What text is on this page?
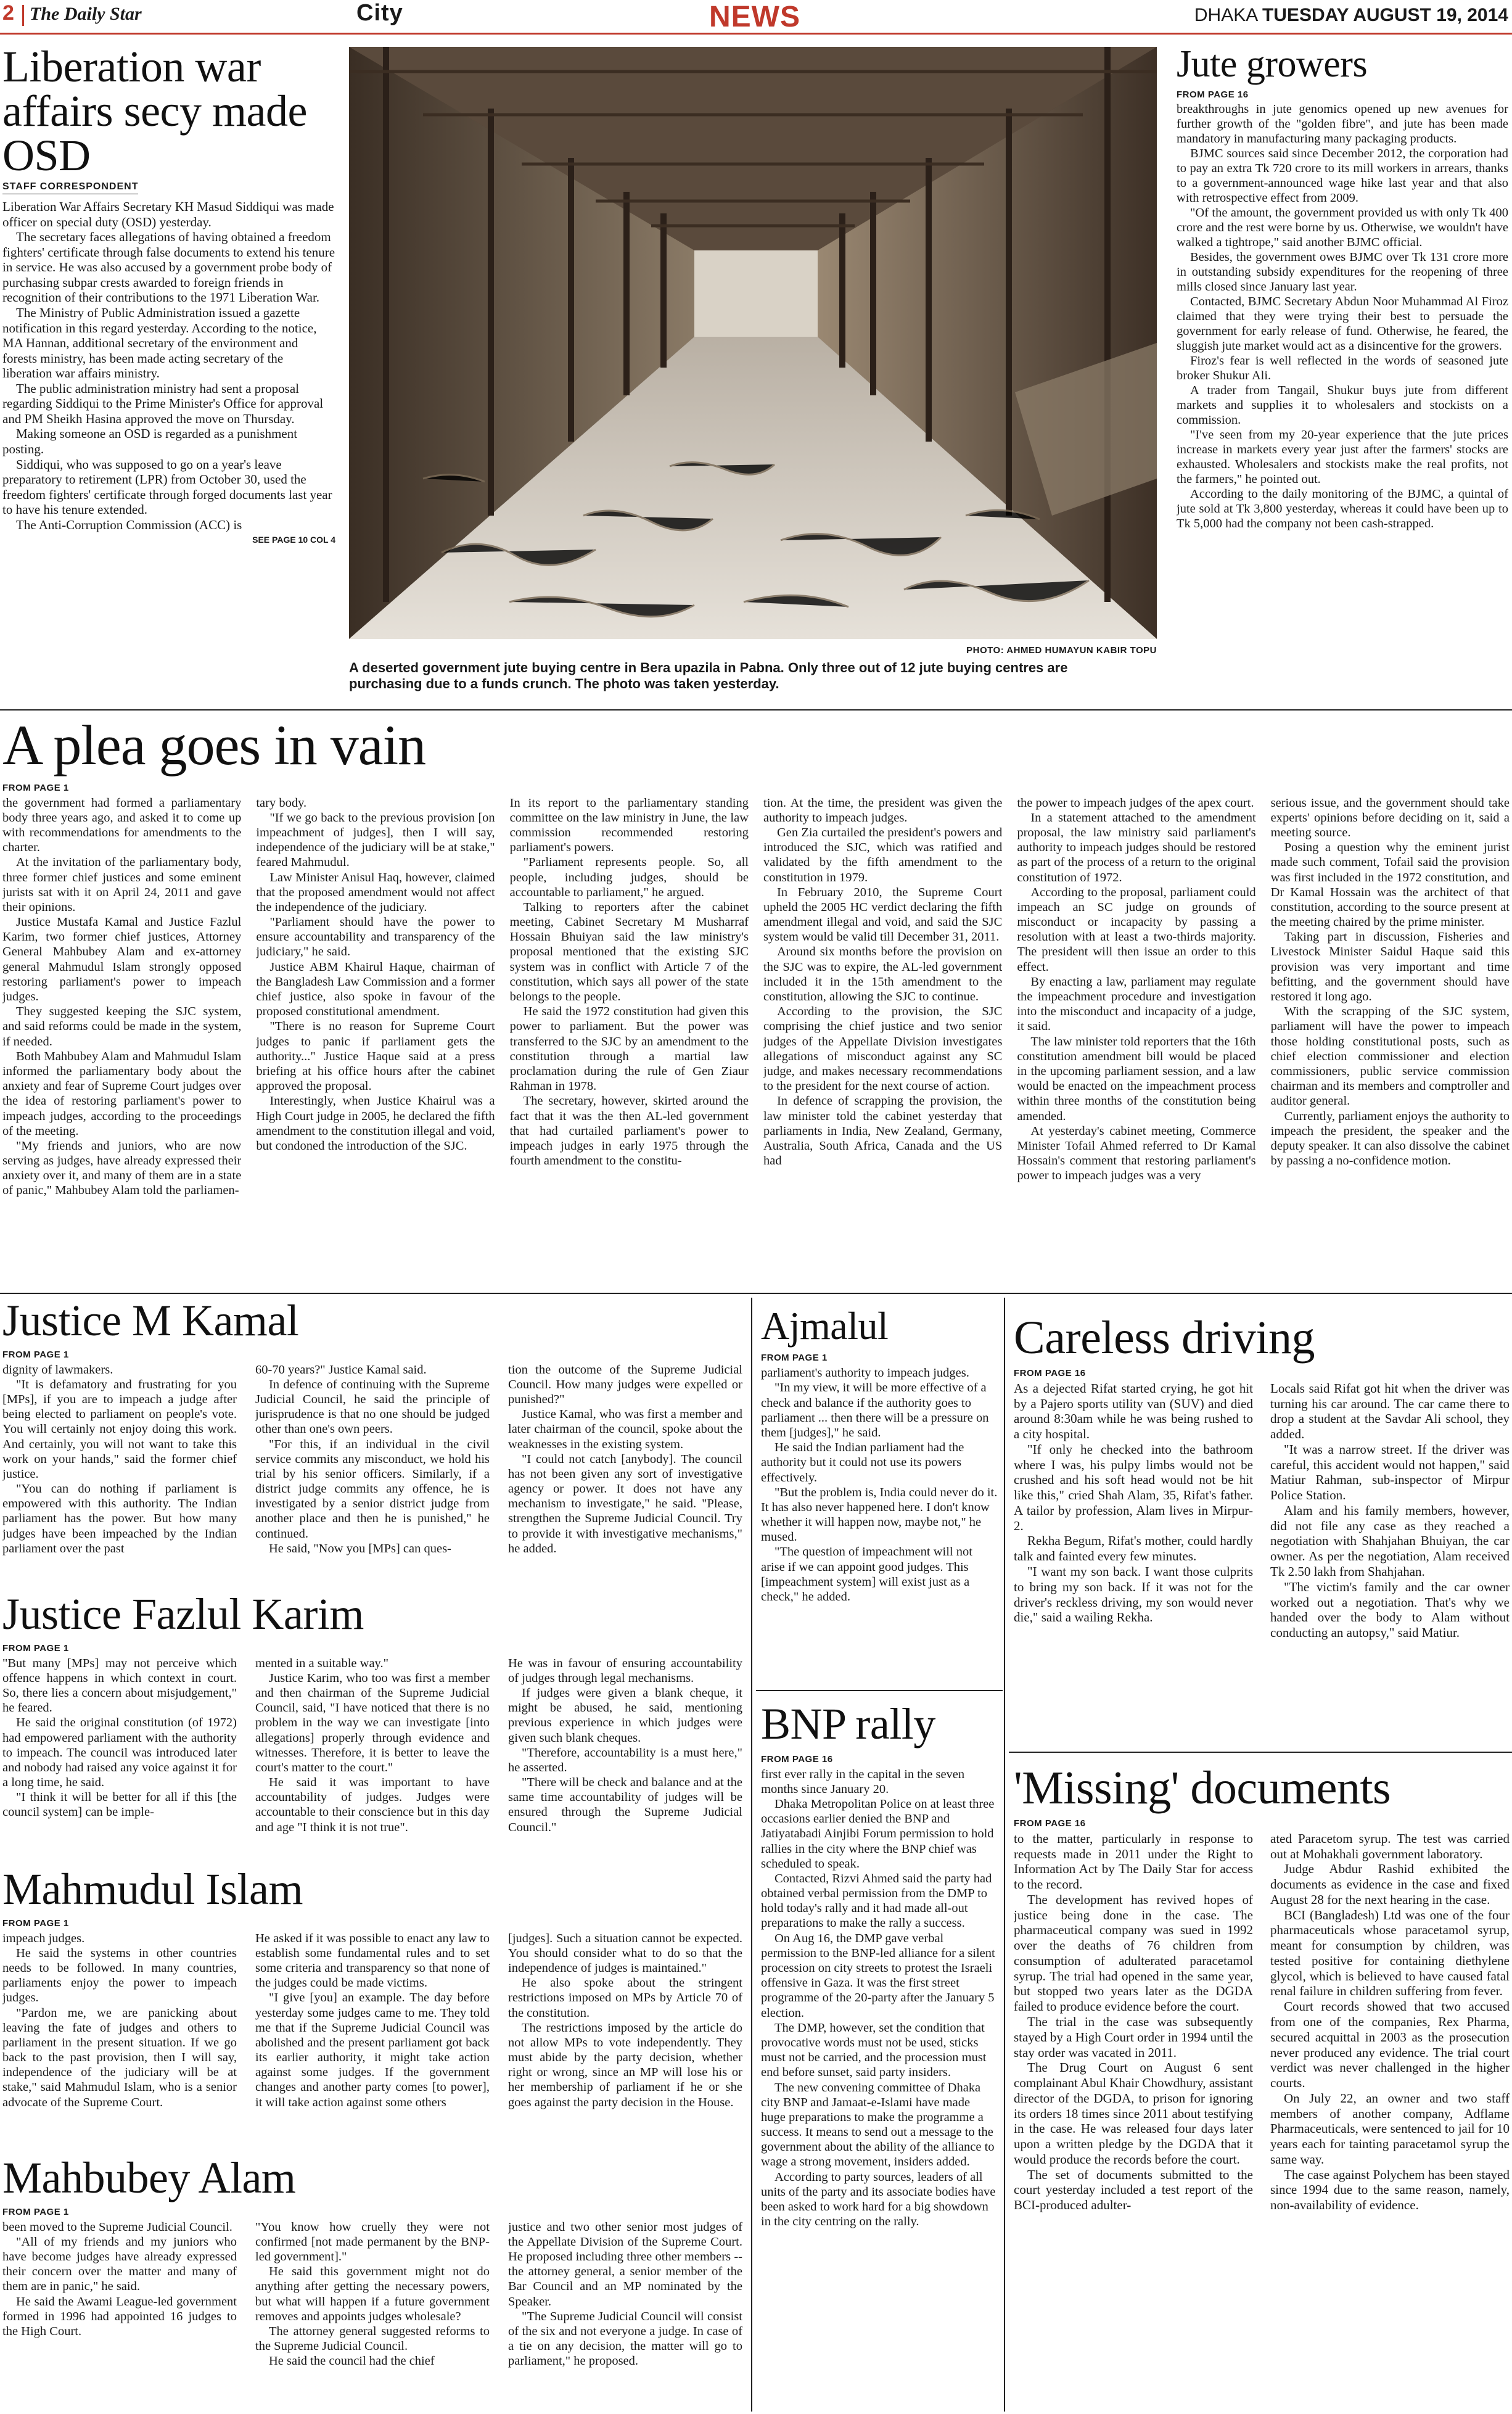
2 The Daily Star	City	NEWS	DHAKA TUESDAY AUGUST 19, 2014
Liberation war affairs secy made OSD
STAFF CORRESPONDENT

Liberation War Affairs Secretary KH Masud Siddiqui was made officer on special duty (OSD) yesterday.

The secretary faces allegations of having obtained a freedom fighters' certificate through false documents to extend his tenure in service. He was also accused by a government probe body of purchasing subpar crests awarded to foreign friends in recognition of their contributions to the 1971 Liberation War.

The Ministry of Public Administration issued a gazette notification in this regard yesterday. According to the notice, MA Hannan, additional secretary of the environment and forests ministry, has been made acting secretary of the liberation war affairs ministry.

The public administration ministry had sent a proposal regarding Siddiqui to the Prime Minister's Office for approval and PM Sheikh Hasina approved the move on Thursday.

Making someone an OSD is regarded as a punishment posting.

Siddiqui, who was supposed to go on a year's leave preparatory to retirement (LPR) from October 30, used the freedom fighters' certificate through forged documents last year to have his tenure extended.

The Anti-Corruption Commission (ACC) is

SEE PAGE 10 COL 4
PHOTO: AHMED HUMAYUN KABIR TOPU
A deserted government jute buying centre in Bera upazila in Pabna. Only three out of 12 jute buying centres are purchasing due to a funds crunch. The photo was taken yesterday.
Jute growers
FROM PAGE 16

breakthroughs in jute genomics opened up new avenues for further growth of the "golden fibre", and jute has been made mandatory in manufacturing many packaging products.

BJMC sources said since December 2012, the corporation had to pay an extra Tk 720 crore to its mill workers in arrears, thanks to a government-announced wage hike last year and that also with retrospective effect from 2009.

"Of the amount, the government provided us with only Tk 400 crore and the rest were borne by us. Otherwise, we wouldn't have walked a tightrope," said another BJMC official.

Besides, the government owes BJMC over Tk 131 crore more in outstanding subsidy expenditures for the reopening of three mills closed since January last year.

Contacted, BJMC Secretary Abdun Noor Muhammad Al Firoz claimed that they were trying their best to persuade the government for early release of fund. Otherwise, he feared, the sluggish jute market would act as a disincentive for the growers.

Firoz's fear is well reflected in the words of seasoned jute broker Shukur Ali.

A trader from Tangail, Shukur buys jute from different markets and supplies it to wholesalers and stockists on a commission.

"I've seen from my 20-year experience that the jute prices increase in markets every year just after the farmers' stocks are exhausted. Wholesalers and stockists make the real profits, not the farmers," he pointed out.

According to the daily monitoring of the BJMC, a quintal of jute sold at Tk 3,800 yesterday, whereas it could have been up to Tk 5,000 had the company not been cash-strapped.

A plea goes in vain
FROM PAGE 1

the government had formed a parliamentary body three years ago, and asked it to come up with recommendations for amendments to the charter.

At the invitation of the parliamentary body, three former chief justices and some eminent jurists sat with it on April 24, 2011 and gave their opinions.

Justice Mustafa Kamal and Justice Fazlul Karim, two former chief justices, Attorney General Mahbubey Alam and ex-attorney general Mahmudul Islam strongly opposed restoring parliament's power to impeach judges.

They suggested keeping the SJC system, and said reforms could be made in the system, if needed.

Both Mahbubey Alam and Mahmudul Islam informed the parliamentary body about the anxiety and fear of Supreme Court judges over the idea of restoring parliament's power to impeach judges, according to the proceedings of the meeting.

"My friends and juniors, who are now serving as judges, have already expressed their anxiety over it, and many of them are in a state of panic," Mahbubey Alam told the parliamen-

tary body.

"If we go back to the previous provision [on impeachment of judges], then I will say, independence of the judiciary will be at stake," feared Mahmudul.

Law Minister Anisul Haq, however, claimed that the proposed amendment would not affect the independence of the judiciary.

"Parliament should have the power to ensure accountability and transparency of the judiciary," he said.

Justice ABM Khairul Haque, chairman of the Bangladesh Law Commission and a former chief justice, also spoke in favour of the proposed constitutional amendment.

"There is no reason for Supreme Court judges to panic if parliament gets the authority..." Justice Haque said at a press briefing at his office hours after the cabinet approved the proposal.

Interestingly, when Justice Khairul was a High Court judge in 2005, he declared the fifth amendment to the constitution illegal and void, but condoned the introduction of the SJC.

In its report to the parliamentary standing committee on the law ministry in June, the law commission recommended restoring parliament's powers.

"Parliament represents people. So, all people, including judges, should be accountable to parliament," he argued.

Talking to reporters after the cabinet meeting, Cabinet Secretary M Musharraf Hossain Bhuiyan said the law ministry's proposal mentioned that the existing SJC system was in conflict with Article 7 of the constitution, which says all power of the state belongs to the people.

He said the 1972 constitution had given this power to parliament. But the power was transferred to the SJC by an amendment to the constitution through a martial law proclamation during the rule of Gen Ziaur Rahman in 1978.

The secretary, however, skirted around the fact that it was the then AL-led government that had curtailed parliament's power to impeach judges in early 1975 through the fourth amendment to the constitu-

tion. At the time, the president was given the authority to impeach judges.

Gen Zia curtailed the president's powers and introduced the SJC, which was ratified and validated by the fifth amendment to the constitution in 1979.

In February 2010, the Supreme Court upheld the 2005 HC verdict declaring the fifth amendment illegal and void, and said the SJC system would be valid till December 31, 2011.

Around six months before the provision on the SJC was to expire, the AL-led government included it in the 15th amendment to the constitution, allowing the SJC to continue.

According to the provision, the SJC comprising the chief justice and two senior judges of the Appellate Division investigates allegations of misconduct against any SC judge, and makes necessary recommendations to the president for the next course of action.

In defence of scrapping the provision, the law minister told the cabinet yesterday that parliaments in India, New Zealand, Germany, Australia, South Africa, Canada and the US had

the power to impeach judges of the apex court.

In a statement attached to the amendment proposal, the law ministry said parliament's authority to impeach judges should be restored as part of the process of a return to the original constitution of 1972.

According to the proposal, parliament could impeach an SC judge on grounds of misconduct or incapacity by passing a resolution with at least a two-thirds majority. The president will then issue an order to this effect.

By enacting a law, parliament may regulate the impeachment procedure and investigation into the misconduct and incapacity of a judge, it said.

The law minister told reporters that the 16th constitution amendment bill would be placed in the upcoming parliament session, and a law would be enacted on the impeachment process within three months of the constitution being amended.

At yesterday's cabinet meeting, Commerce Minister Tofail Ahmed referred to Dr Kamal Hossain's comment that restoring parliament's power to impeach judges was a very

serious issue, and the government should take experts' opinions before deciding on it, said a meeting source.

Posing a question why the eminent jurist made such comment, Tofail said the provision was first included in the 1972 constitution, and Dr Kamal Hossain was the architect of that constitution, according to the source present at the meeting chaired by the prime minister.

Taking part in discussion, Fisheries and Livestock Minister Saidul Haque said this provision was very important and time befitting, and the government should have restored it long ago.

With the scrapping of the SJC system, parliament will have the power to impeach those holding constitutional posts, such as chief election commissioner and election commissioners, public service commission chairman and its members and comptroller and auditor general.

Currently, parliament enjoys the authority to impeach the president, the speaker and the deputy speaker. It can also dissolve the cabinet by passing a no-confidence motion.

Justice M Kamal
FROM PAGE 1

dignity of lawmakers.

"It is defamatory and frustrating for you [MPs], if you are to impeach a judge after being elected to parliament on people's vote. You will certainly not enjoy doing this work. And certainly, you will not want to take this work on your hands," said the former chief justice.

"You can do nothing if parliament is empowered with this authority. The Indian parliament has the power. But how many judges have been impeached by the Indian parliament over the past

60-70 years?" Justice Kamal said.

In defence of continuing with the Supreme Judicial Council, he said the principle of jurisprudence is that no one should be judged other than one's own peers.

"For this, if an individual in the civil service commits any misconduct, we hold his trial by his senior officers. Similarly, if a district judge commits any offence, he is investigated by a senior district judge from another place and then he is punished," he continued.

He said, "Now you [MPs] can ques-

tion the outcome of the Supreme Judicial Council. How many judges were expelled or punished?"

Justice Kamal, who was first a member and later chairman of the council, spoke about the weaknesses in the existing system.

"I could not catch [anybody]. The council has not been given any sort of investigative agency or power. It does not have any mechanism to investigate," he said. "Please, strengthen the Supreme Judicial Council. Try to provide it with investigative mechanisms," he added.

Justice Fazlul Karim
FROM PAGE 1

"But many [MPs] may not perceive which offence happens in which context in court. So, there lies a concern about misjudgement," he feared.

He said the original constitution (of 1972) had empowered parliament with the authority to impeach. The council was introduced later and nobody had raised any voice against it for a long time, he said.

"I think it will be better for all if this [the council system] can be imple-

mented in a suitable way."

Justice Karim, who too was first a member and then chairman of the Supreme Judicial Council, said, "I have noticed that there is no problem in the way we can investigate [into allegations] properly through evidence and witnesses. Therefore, it is better to leave the court's matter to the court."

He said it was important to have accountability of judges. Judges were accountable to their conscience but in this day and age "I think it is not true".

He was in favour of ensuring accountability of judges through legal mechanisms.

If judges were given a blank cheque, it might be abused, he said, mentioning previous experience in which judges were given such blank cheques.

"Therefore, accountability is a must here," he asserted.

"There will be check and balance and at the same time accountability of judges will be ensured through the Supreme Judicial Council."

Mahmudul Islam
FROM PAGE 1

impeach judges.

He said the systems in other countries needs to be followed. In many countries, parliaments enjoy the power to impeach judges.

"Pardon me, we are panicking about leaving the fate of judges and others to parliament in the present situation. If we go back to the past provision, then I will say, independence of the judiciary will be at stake," said Mahmudul Islam, who is a senior advocate of the Supreme Court.

He asked if it was possible to enact any law to establish some fundamental rules and to set some criteria and transparency so that none of the judges could be made victims.

"I give [you] an example. The day before yesterday some judges came to me. They told me that if the Supreme Judicial Council was abolished and the present parliament got back its earlier authority, it might take action against some judges. If the government changes and another party comes [to power], it will take action against some others

[judges]. Such a situation cannot be expected. You should consider what to do so that the independence of judges is maintained."

He also spoke about the stringent restrictions imposed on MPs by Article 70 of the constitution.

The restrictions imposed by the article do not allow MPs to vote independently. They must abide by the party decision, whether right or wrong, since an MP will lose his or her membership of parliament if he or she goes against the party decision in the House.

Mahbubey Alam
FROM PAGE 1

been moved to the Supreme Judicial Council.

"All of my friends and my juniors who have become judges have already expressed their concern over the matter and many of them are in panic," he said.

He said the Awami League-led government formed in 1996 had appointed 16 judges to the High Court.

"You know how cruelly they were not confirmed [not made permanent by the BNP-led government]."

He said this government might not do anything after getting the necessary powers, but what will happen if a future government removes and appoints judges wholesale?

The attorney general suggested reforms to the Supreme Judicial Council.

He said the council had the chief

justice and two other senior most judges of the Appellate Division of the Supreme Court. He proposed including three other members -- the attorney general, a senior member of the Bar Council and an MP nominated by the Speaker.

"The Supreme Judicial Council will consist of the six and not everyone a judge. In case of a tie on any decision, the matter will go to parliament," he proposed.

Ajmalul
FROM PAGE 1

parliament's authority to impeach judges.

"In my view, it will be more effective of a check and balance if the authority goes to parliament ... then there will be a pressure on them [judges]," he said.

He said the Indian parliament had the authority but it could not use its powers effectively.

"But the problem is, India could never do it. It has also never happened here. I don't know whether it will happen now, maybe not," he mused.

"The question of impeachment will not arise if we can appoint good judges. This [impeachment system] will exist just as a check," he added.

BNP rally
FROM PAGE 16

first ever rally in the capital in the seven months since January 20.

Dhaka Metropolitan Police on at least three occasions earlier denied the BNP and Jatiyatabadi Ainjibi Forum permission to hold rallies in the city where the BNP chief was scheduled to speak.

Contacted, Rizvi Ahmed said the party had obtained verbal permission from the DMP to hold today's rally and it had made all-out preparations to make the rally a success.

On Aug 16, the DMP gave verbal permission to the BNP-led alliance for a silent procession on city streets to protest the Israeli offensive in Gaza. It was the first street programme of the 20-party after the January 5 election.

The DMP, however, set the condition that provocative words must not be used, sticks must not be carried, and the procession must end before sunset, said party insiders.

The new convening committee of Dhaka city BNP and Jamaat-e-Islami have made huge preparations to make the programme a success. It means to send out a message to the government about the ability of the alliance to wage a strong movement, insiders added.

According to party sources, leaders of all units of the party and its associate bodies have been asked to work hard for a big showdown in the city centring on the rally.

Careless driving
FROM PAGE 16

As a dejected Rifat started crying, he got hit by a Pajero sports utility van (SUV) and died around 8:30am while he was being rushed to a city hospital.

"If only he checked into the bathroom where I was, his pulpy limbs would not be crushed and his soft head would not be hit like this," cried Shah Alam, 35, Rifat's father. A tailor by profession, Alam lives in Mirpur-2.

Rekha Begum, Rifat's mother, could hardly talk and fainted every few minutes.

"I want my son back. I want those culprits to bring my son back. If it was not for the driver's reckless driving, my son would never die," said a wailing Rekha.

Locals said Rifat got hit when the driver was turning his car around. The car came there to drop a student at the Savdar Ali school, they added.

"It was a narrow street. If the driver was careful, this accident would not happen," said Matiur Rahman, sub-inspector of Mirpur Police Station.

Alam and his family members, however, did not file any case as they reached a negotiation with Shahjahan Bhuiyan, the car owner. As per the negotiation, Alam received Tk 2.50 lakh from Shahjahan.

"The victim's family and the car owner worked out a negotiation. That's why we handed over the body to Alam without conducting an autopsy," said Matiur.

'Missing' documents
FROM PAGE 16

to the matter, particularly in response to requests made in 2011 under the Right to Information Act by The Daily Star for access to the record.

The development has revived hopes of justice being done in the case. The pharmaceutical company was sued in 1992 over the deaths of 76 children from consumption of adulterated paracetamol syrup. The trial had opened in the same year, but stopped two years later as the DGDA failed to produce evidence before the court.

The trial in the case was subsequently stayed by a High Court order in 1994 until the stay order was vacated in 2011.

The Drug Court on August 6 sent complainant Abul Khair Chowdhury, assistant director of the DGDA, to prison for ignoring its orders 18 times since 2011 about testifying in the case. He was released four days later upon a written pledge by the DGDA that it would produce the records before the court.

The set of documents submitted to the court yesterday included a test report of the BCI-produced adulter-

ated Paracetom syrup. The test was carried out at Mohakhali government laboratory.

Judge Abdur Rashid exhibited the documents as evidence in the case and fixed August 28 for the next hearing in the case.

BCI (Bangladesh) Ltd was one of the four pharmaceuticals whose paracetamol syrup, meant for consumption by children, was tested positive for containing diethylene glycol, which is believed to have caused fatal renal failure in children suffering from fever.

Court records showed that two accused from one of the companies, Rex Pharma, secured acquittal in 2003 as the prosecution never produced any evidence. The trial court verdict was never challenged in the higher courts.

On July 22, an owner and two staff members of another company, Adflame Pharmaceuticals, were sentenced to jail for 10 years each for tainting paracetamol syrup the same way.

The case against Polychem has been stayed since 1994 due to the same reason, namely, non-availability of evidence.
